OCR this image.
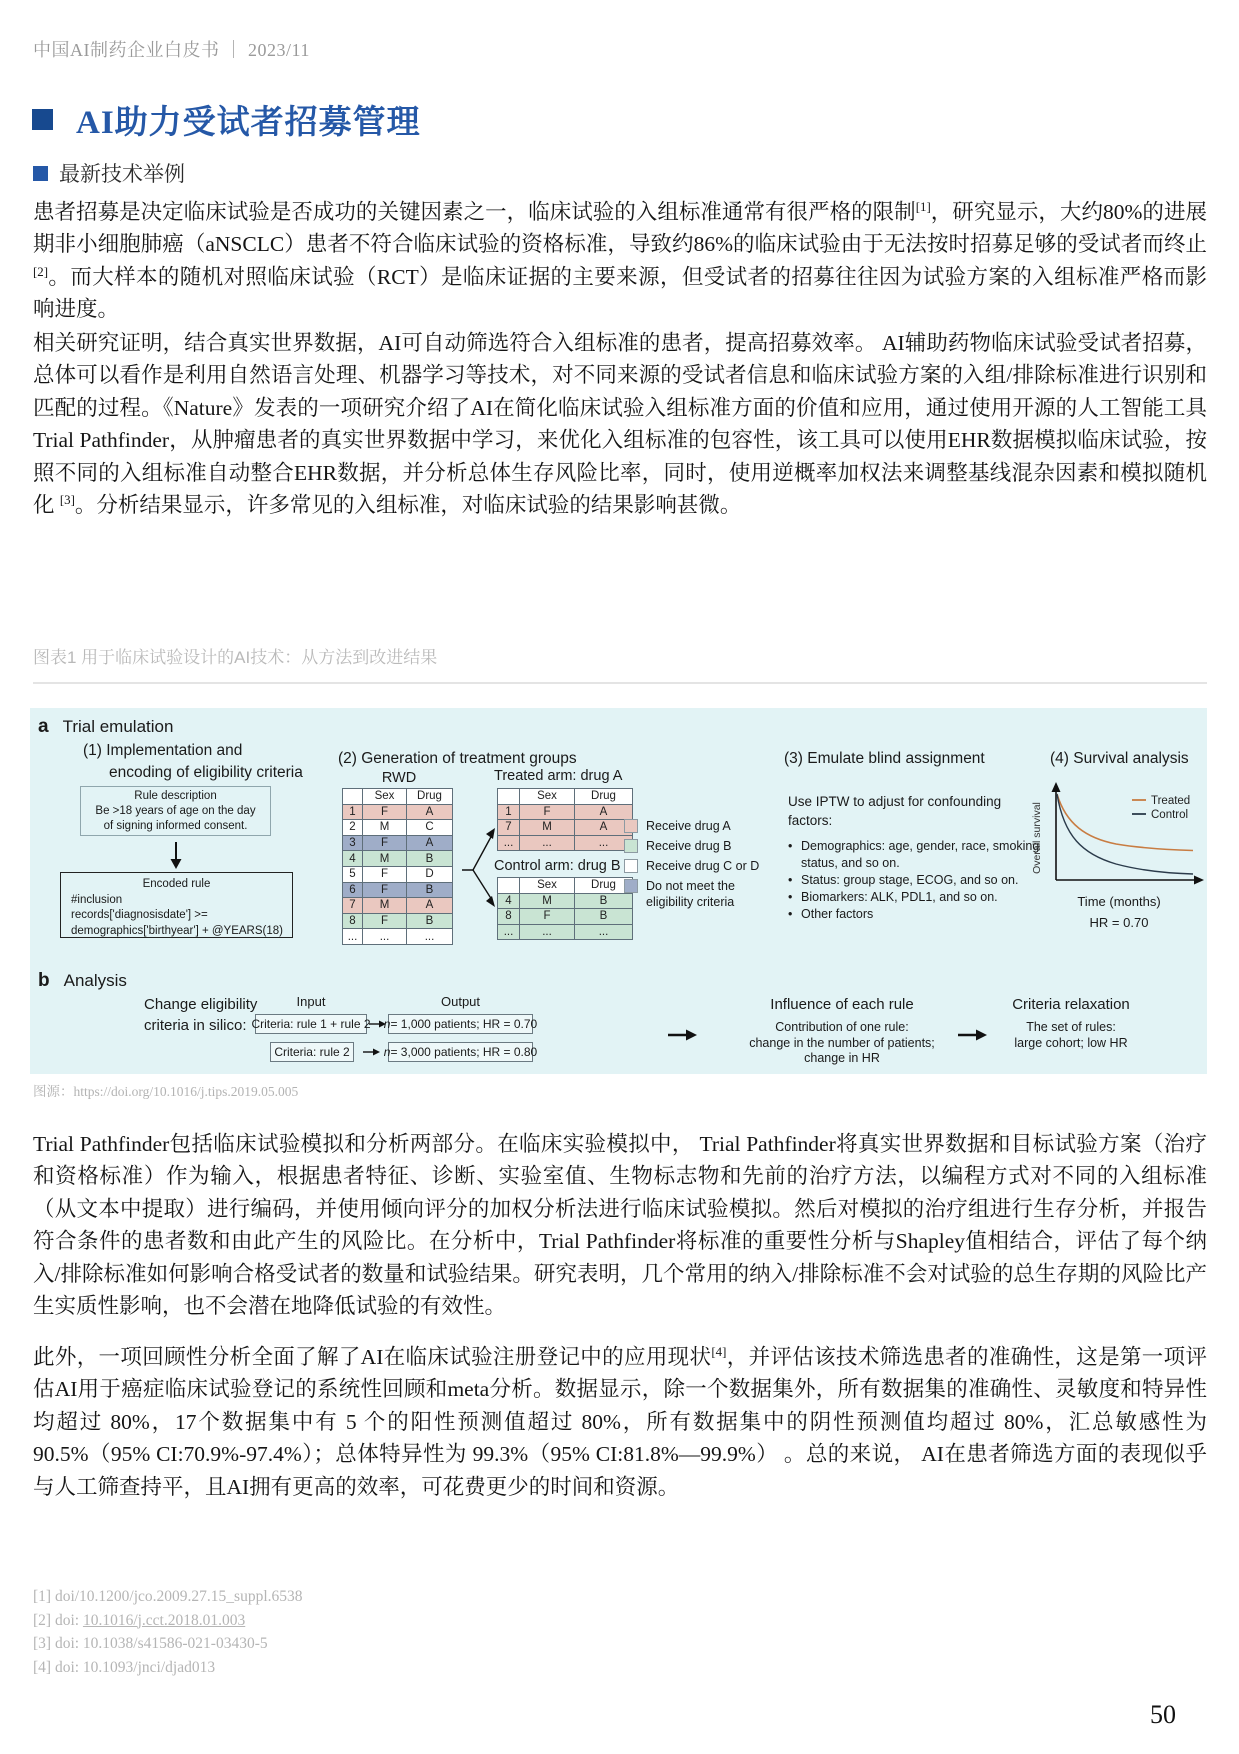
中国AI制药企业白皮书 ｜ 2023/11
AI助力受试者招募管理
最新技术举例
患者招募是决定临床试验是否成功的关键因素之一，临床试验的入组标准通常有很严格的限制[1]，研究显示，大约80%的进展期非小细胞肺癌（aNSCLC）患者不符合临床试验的资格标准，导致约86%的临床试验由于无法按时招募足够的受试者而终止[2]。而大样本的随机对照临床试验（RCT）是临床证据的主要来源，但受试者的招募往往因为试验方案的入组标准严格而影响进度。
相关研究证明，结合真实世界数据，AI可自动筛选符合入组标准的患者，提高招募效率。 AI辅助药物临床试验受试者招募，总体可以看作是利用自然语言处理、机器学习等技术，对不同来源的受试者信息和临床试验方案的入组/排除标准进行识别和匹配的过程。《Nature》发表的一项研究介绍了AI在简化临床试验入组标准方面的价值和应用，通过使用开源的人工智能工具Trial Pathfinder，从肿瘤患者的真实世界数据中学习，来优化入组标准的包容性，该工具可以使用EHR数据模拟临床试验，按照不同的入组标准自动整合EHR数据，并分析总体生存风险比率，同时，使用逆概率加权法来调整基线混杂因素和模拟随机化 [3]。分析结果显示，许多常见的入组标准，对临床试验的结果影响甚微。
图表1 用于临床试验设计的AI技术：从方法到改进结果
a Trial emulation
(1) Implementation and
encoding of eligibility criteria
Rule description
Be >18 years of age on the day
of signing informed consent.
Encoded rule
#inclusion
records['diagnosisdate'] >=
demographics['birthyear'] + @YEARS(18)
(2) Generation of treatment groups
RWD
	Sex	Drug
1	F	A
2	M	C
3	F	A
4	M	B
5	F	D
6	F	B
7	M	A
8	F	B
...	...	...
Treated arm: drug A
	Sex	Drug
1	F	A
7	M	A
...	...	...
Control arm: drug B
	Sex	Drug
4	M	B
8	F	B
...	...	...
Receive drug A
Receive drug B
Receive drug C or D
Do not meet the eligibility criteria
(3) Emulate blind assignment
Use IPTW to adjust for confounding factors:
• Demographics: age, gender, race, smoking status, and so on.
• Status: group stage, ECOG, and so on.
• Biomarkers: ALK, PDL1, and so on.
• Other factors
(4) Survival analysis
Overall survival
Treated
Control
Time (months)
HR = 0.70
b Analysis
Change eligibility
criteria in silico:
Input	Output
Criteria: rule 1 + rule 2 n = 1,000 patients; HR = 0.70
Criteria: rule 2	n = 3,000 patients; HR = 0.80
Influence of each rule
Contribution of one rule:
change in the number of patients;
change in HR
Criteria relaxation
The set of rules:
large cohort; low HR
图源：https://doi.org/10.1016/j.tips.2019.05.005
Trial Pathfinder包括临床试验模拟和分析两部分。在临床实验模拟中， Trial Pathfinder将真实世界数据和目标试验方案（治疗和资格标准）作为输入，根据患者特征、诊断、实验室值、生物标志物和先前的治疗方法，以编程方式对不同的入组标准（从文本中提取）进行编码，并使用倾向评分的加权分析法进行临床试验模拟。然后对模拟的治疗组进行生存分析，并报告符合条件的患者数和由此产生的风险比。在分析中，Trial Pathfinder将标准的重要性分析与Shapley值相结合，评估了每个纳入/排除标准如何影响合格受试者的数量和试验结果。研究表明，几个常用的纳入/排除标准不会对试验的总生存期的风险比产生实质性影响，也不会潜在地降低试验的有效性。
此外，一项回顾性分析全面了解了AI在临床试验注册登记中的应用现状[4]，并评估该技术筛选患者的准确性，这是第一项评估AI用于癌症临床试验登记的系统性回顾和meta分析。数据显示，除一个数据集外，所有数据集的准确性、灵敏度和特异性均超过 80%，17个数据集中有 5 个的阳性预测值超过 80%，所有数据集中的阴性预测值均超过 80%，汇总敏感性为 90.5%（95% CI:70.9%-97.4%）；总体特异性为 99.3%（95% CI:81.8%—99.9%） 。总的来说， AI在患者筛选方面的表现似乎与人工筛查持平，且AI拥有更高的效率，可花费更少的时间和资源。
[1] doi/10.1200/jco.2009.27.15_suppl.6538
[2] doi: 10.1016/j.cct.2018.01.003
[3] doi: 10.1038/s41586-021-03430-5
[4] doi: 10.1093/jnci/djad013
50
